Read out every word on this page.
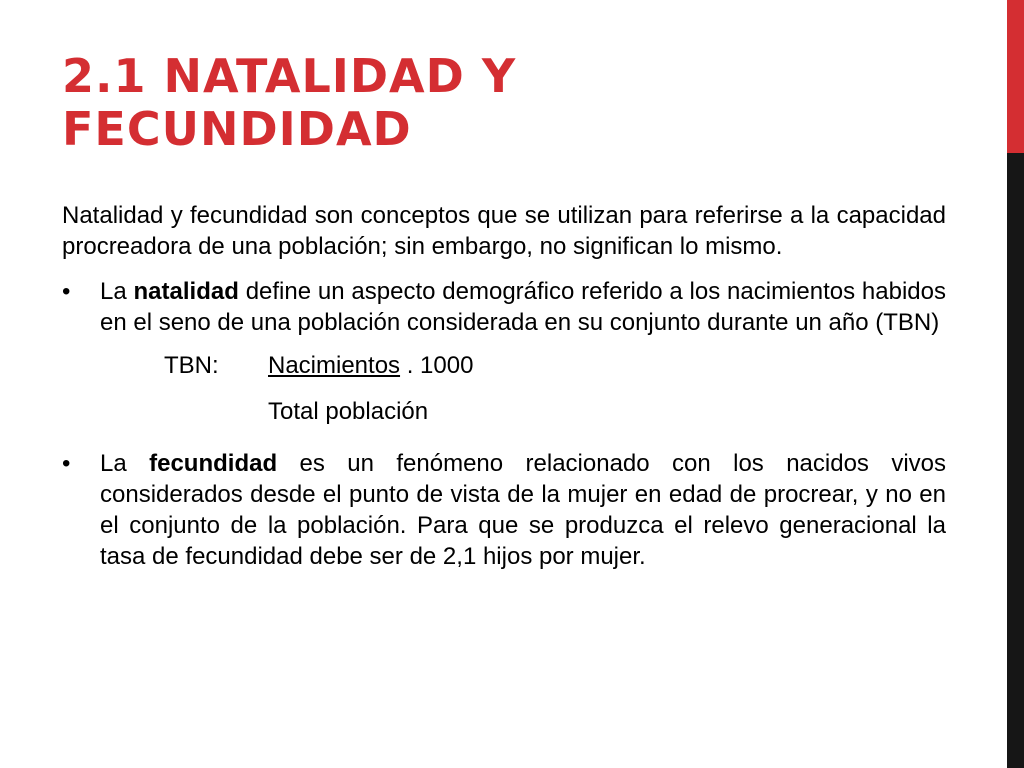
2.1 NATALIDAD Y
FECUNDIDAD

Natalidad y fecundidad son conceptos que se utilizan para referirse a la capacidad procreadora de una población; sin embargo, no significan lo mismo.

• La natalidad define un aspecto demográfico referido a los nacimientos habidos en el seno de una población considerada en su conjunto durante un año (TBN)
TBN: Nacimientos . 1000
Total población
• La fecundidad es un fenómeno relacionado con los nacidos vivos considerados desde el punto de vista de la mujer en edad de procrear, y no en el conjunto de la población. Para que se produzca el relevo generacional la tasa de fecundidad debe ser de 2,1 hijos por mujer.
